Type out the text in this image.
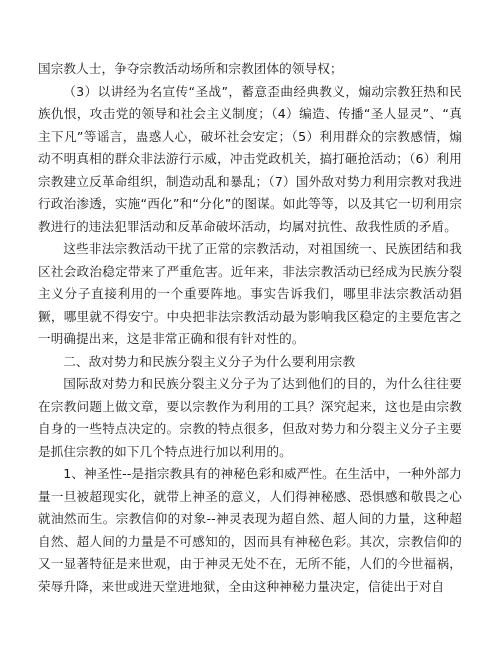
国宗教人士，争夺宗教活动场所和宗教团体的领导权；

（3）以讲经为名宣传“圣战”，蓄意歪曲经典教义，煽动宗教狂热和民族仇恨，攻击党的领导和社会主义制度；（4）编造、传播“圣人显灵”、“真主下凡”等谣言，蛊惑人心，破坏社会安定；（5）利用群众的宗教感情，煽动不明真相的群众非法游行示威，冲击党政机关，搞打砸抢活动；（6）利用宗教建立反革命组织，制造动乱和暴乱；（7）国外敌对势力利用宗教对我进行政治渗透，实施“西化”和“分化”的图谋。如此等等，以及其它一切利用宗教进行的违法犯罪活动和反革命破坏活动，均属对抗性、敌我性质的矛盾。

这些非法宗教活动干扰了正常的宗教活动，对祖国统一、民族团结和我区社会政治稳定带来了严重危害。近年来，非法宗教活动已经成为民族分裂主义分子直接利用的一个重要阵地。事实告诉我们，哪里非法宗教活动猖獗，哪里就不得安宁。中央把非法宗教活动最为影响我区稳定的主要危害之一明确提出来，这是非常正确和很有针对性的。

二、敌对势力和民族分裂主义分子为什么要利用宗教

国际敌对势力和民族分裂主义分子为了达到他们的目的，为什么往往要在宗教问题上做文章，要以宗教作为利用的工具？深究起来，这也是由宗教自身的一些特点决定的。宗教的特点很多，但敌对势力和分裂主义分子主要是抓住宗教的如下几个特点进行加以利用的。

1、神圣性--是指宗教具有的神秘色彩和威严性。在生活中，一种外部力量一旦被超现实化，就带上神圣的意义，人们得神秘感、恐惧感和敬畏之心就油然而生。宗教信仰的对象--神灵表现为超自然、超人间的力量，这种超自然、超人间的力量是不可感知的，因而具有神秘色彩。其次，宗教信仰的又一显著特征是来世观，由于神灵无处不在，无所不能，人们的今世福祸，荣辱升降，来世或进天堂进地狱，全由这种神秘力量决定，信徒出于对自
